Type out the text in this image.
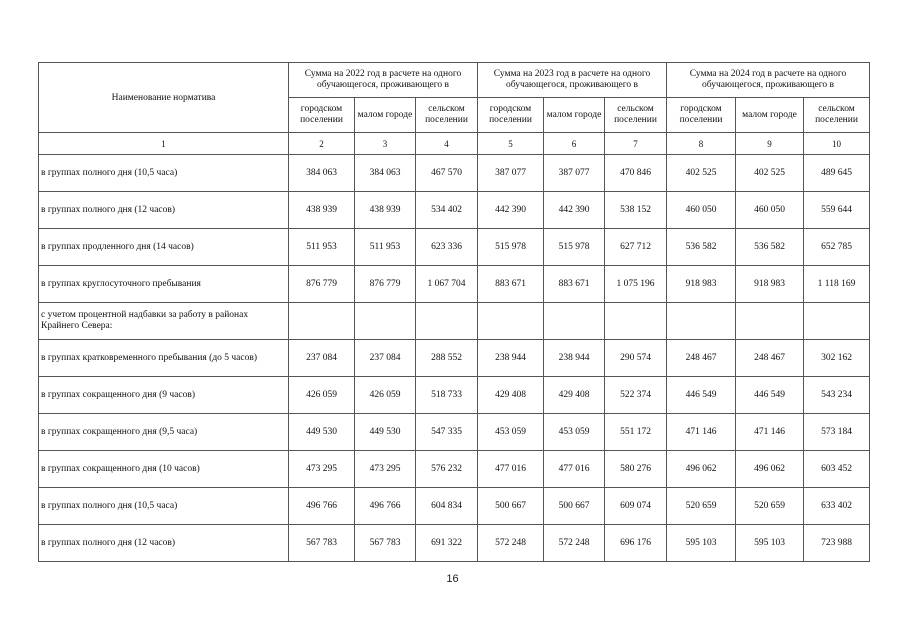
Наименование норматива	Сумма на 2022 год в расчете на одного обучающегося, проживающего в			Сумма на 2023 год в расчете на одного обучающегося, проживающего в			Сумма на 2024 год в расчете на одного обучающегося, проживающего в		
	городском поселении	малом городе	сельском поселении	городском поселении	малом городе	сельском поселении	городском поселении	малом городе	сельском поселении
1	2	3	4	5	6	7	8	9	10
в группах полного дня (10,5 часа)	384 063	384 063	467 570	387 077	387 077	470 846	402 525	402 525	489 645
в группах полного дня (12 часов)	438 939	438 939	534 402	442 390	442 390	538 152	460 050	460 050	559 644
в группах продленного дня (14 часов)	511 953	511 953	623 336	515 978	515 978	627 712	536 582	536 582	652 785
в группах круглосуточного пребывания	876 779	876 779	1 067 704	883 671	883 671	1 075 196	918 983	918 983	1 118 169
с учетом процентной надбавки за работу в районах Крайнего Севера:									
в группах кратковременного пребывания (до 5 часов)	237 084	237 084	288 552	238 944	238 944	290 574	248 467	248 467	302 162
в группах сокращенного дня (9 часов)	426 059	426 059	518 733	429 408	429 408	522 374	446 549	446 549	543 234
в группах сокращенного дня (9,5 часа)	449 530	449 530	547 335	453 059	453 059	551 172	471 146	471 146	573 184
в группах сокращенного дня (10 часов)	473 295	473 295	576 232	477 016	477 016	580 276	496 062	496 062	603 452
в группах полного дня (10,5 часа)	496 766	496 766	604 834	500 667	500 667	609 074	520 659	520 659	633 402
в группах полного дня (12 часов)	567 783	567 783	691 322	572 248	572 248	696 176	595 103	595 103	723 988
16
